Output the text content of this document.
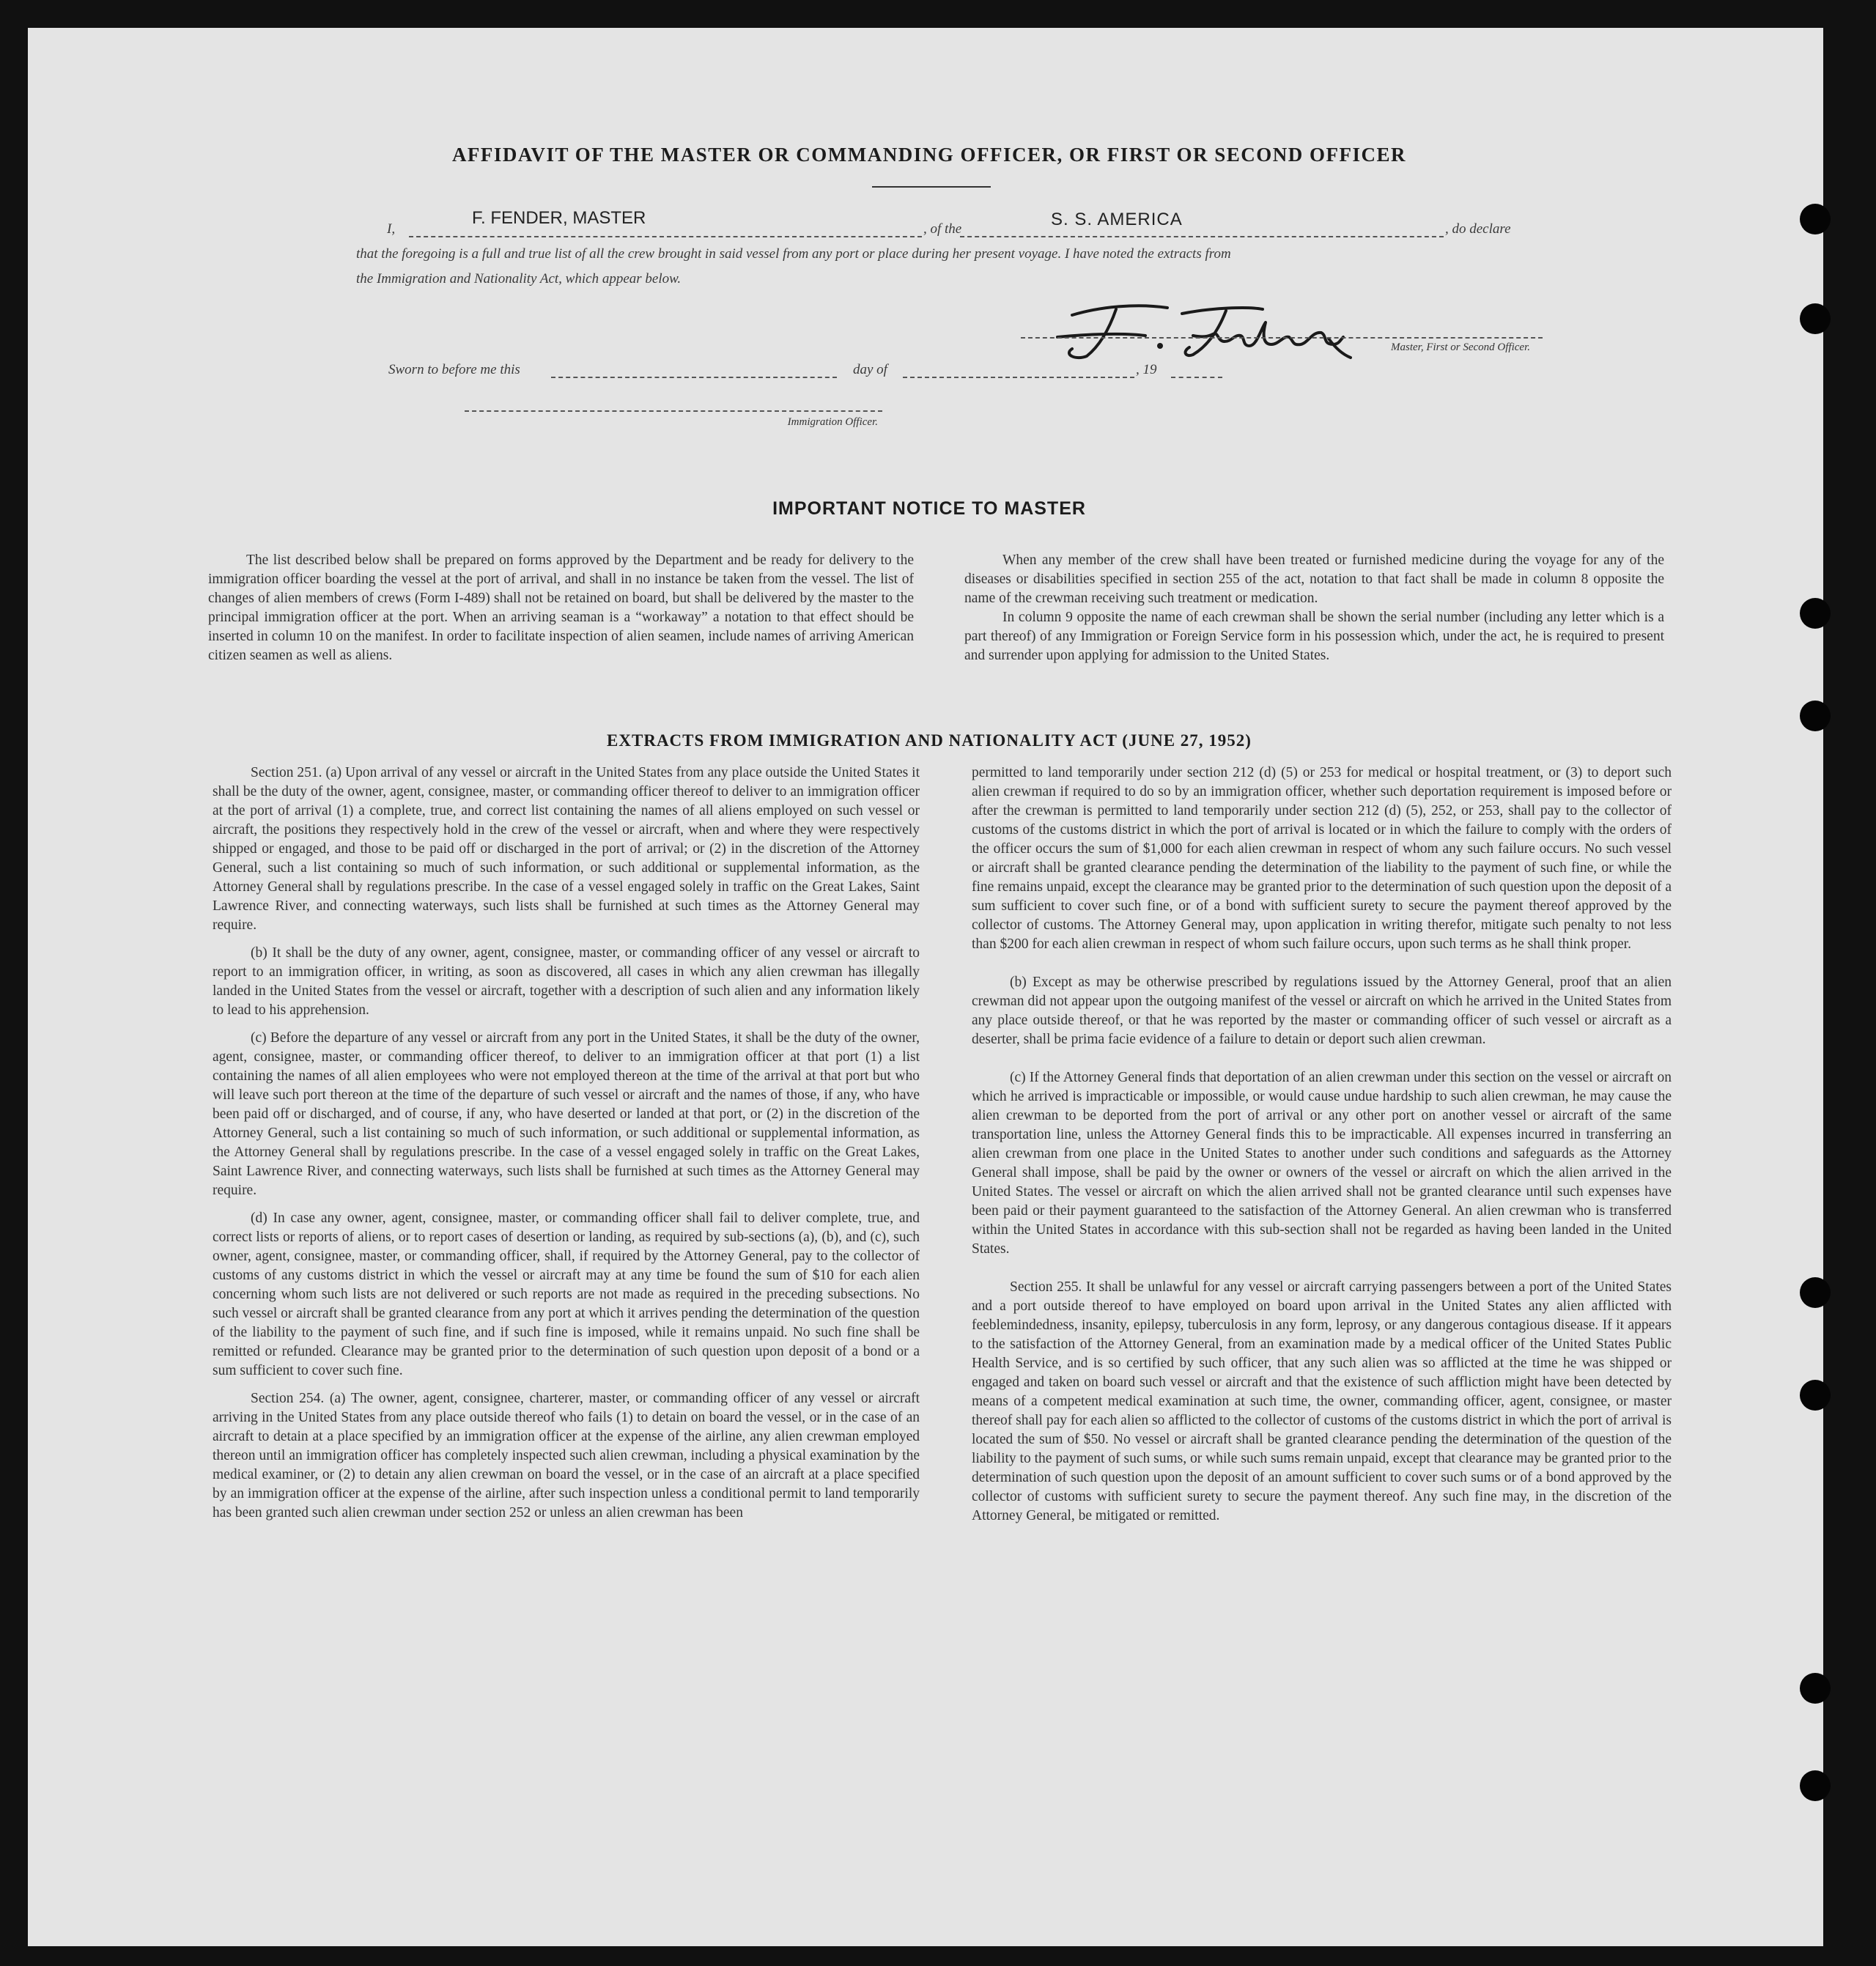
AFFIDAVIT OF THE MASTER OR COMMANDING OFFICER, OR FIRST OR SECOND OFFICER
I,
F. FENDER, MASTER
, of the	S. S. AMERICA	, do declare
that the foregoing is a full and true list of all the crew brought in said vessel from any port or place during her present voyage. I have noted the extracts from
the Immigration and Nationality Act, which appear below.
Master, First or Second Officer.
Sworn to before me this	day of	, 19
Immigration Officer.
IMPORTANT NOTICE TO MASTER

The list described below shall be prepared on forms approved by the Department and be ready for delivery to the immigration officer boarding the vessel at the port of arrival, and shall in no instance be taken from the vessel. The list of changes of alien members of crews (Form I-489) shall not be retained on board, but shall be delivered by the master to the principal immigration officer at the port. When an arriving seaman is a “workaway” a notation to that effect should be inserted in column 10 on the manifest. In order to facilitate inspection of alien seamen, include names of arriving American citizen seamen as well as aliens.

When any member of the crew shall have been treated or furnished medicine during the voyage for any of the diseases or disabilities specified in section 255 of the act, notation to that fact shall be made in column 8 opposite the name of the crewman receiving such treatment or medication.

In column 9 opposite the name of each crewman shall be shown the serial number (including any letter which is a part thereof) of any Immigration or Foreign Service form in his possession which, under the act, he is required to present and surrender upon applying for admission to the United States.

EXTRACTS FROM IMMIGRATION AND NATIONALITY ACT (JUNE 27, 1952)

Section 251. (a) Upon arrival of any vessel or aircraft in the United States from any place outside the United States it shall be the duty of the owner, agent, consignee, master, or commanding officer thereof to deliver to an immigration officer at the port of arrival (1) a complete, true, and correct list containing the names of all aliens employed on such vessel or aircraft, the positions they respectively hold in the crew of the vessel or aircraft, when and where they were respectively shipped or engaged, and those to be paid off or discharged in the port of arrival; or (2) in the discretion of the Attorney General, such a list containing so much of such information, or such additional or supplemental information, as the Attorney General shall by regulations prescribe. In the case of a vessel engaged solely in traffic on the Great Lakes, Saint Lawrence River, and connecting waterways, such lists shall be furnished at such times as the Attorney General may require.

(b) It shall be the duty of any owner, agent, consignee, master, or commanding officer of any vessel or aircraft to report to an immigration officer, in writing, as soon as discovered, all cases in which any alien crewman has illegally landed in the United States from the vessel or aircraft, together with a description of such alien and any information likely to lead to his apprehension.

(c) Before the departure of any vessel or aircraft from any port in the United States, it shall be the duty of the owner, agent, consignee, master, or commanding officer thereof, to deliver to an immigration officer at that port (1) a list containing the names of all alien employees who were not employed thereon at the time of the arrival at that port but who will leave such port thereon at the time of the departure of such vessel or aircraft and the names of those, if any, who have been paid off or discharged, and of course, if any, who have deserted or landed at that port, or (2) in the discretion of the Attorney General, such a list containing so much of such information, or such additional or supplemental information, as the Attorney General shall by regulations prescribe. In the case of a vessel engaged solely in traffic on the Great Lakes, Saint Lawrence River, and connecting waterways, such lists shall be furnished at such times as the Attorney General may require.

(d) In case any owner, agent, consignee, master, or commanding officer shall fail to deliver complete, true, and correct lists or reports of aliens, or to report cases of desertion or landing, as required by sub-sections (a), (b), and (c), such owner, agent, consignee, master, or commanding officer, shall, if required by the Attorney General, pay to the collector of customs of any customs district in which the vessel or aircraft may at any time be found the sum of $10 for each alien concerning whom such lists are not delivered or such reports are not made as required in the preceding subsections. No such vessel or aircraft shall be granted clearance from any port at which it arrives pending the determination of the question of the liability to the payment of such fine, and if such fine is imposed, while it remains unpaid. No such fine shall be remitted or refunded. Clearance may be granted prior to the determination of such question upon deposit of a bond or a sum sufficient to cover such fine.

Section 254. (a) The owner, agent, consignee, charterer, master, or commanding officer of any vessel or aircraft arriving in the United States from any place outside thereof who fails (1) to detain on board the vessel, or in the case of an aircraft to detain at a place specified by an immigration officer at the expense of the airline, any alien crewman employed thereon until an immigration officer has completely inspected such alien crewman, including a physical examination by the medical examiner, or (2) to detain any alien crewman on board the vessel, or in the case of an aircraft at a place specified by an immigration officer at the expense of the airline, after such inspection unless a conditional permit to land temporarily has been granted such alien crewman under section 252 or unless an alien crewman has been

permitted to land temporarily under section 212 (d) (5) or 253 for medical or hospital treatment, or (3) to deport such alien crewman if required to do so by an immigration officer, whether such deportation requirement is imposed before or after the crewman is permitted to land temporarily under section 212 (d) (5), 252, or 253, shall pay to the collector of customs of the customs district in which the port of arrival is located or in which the failure to comply with the orders of the officer occurs the sum of $1,000 for each alien crewman in respect of whom any such failure occurs. No such vessel or aircraft shall be granted clearance pending the determination of the liability to the payment of such fine, or while the fine remains unpaid, except the clearance may be granted prior to the determination of such question upon the deposit of a sum sufficient to cover such fine, or of a bond with sufficient surety to secure the payment thereof approved by the collector of customs. The Attorney General may, upon application in writing therefor, mitigate such penalty to not less than $200 for each alien crewman in respect of whom such failure occurs, upon such terms as he shall think proper.

(b) Except as may be otherwise prescribed by regulations issued by the Attorney General, proof that an alien crewman did not appear upon the outgoing manifest of the vessel or aircraft on which he arrived in the United States from any place outside thereof, or that he was reported by the master or commanding officer of such vessel or aircraft as a deserter, shall be prima facie evidence of a failure to detain or deport such alien crewman.

(c) If the Attorney General finds that deportation of an alien crewman under this section on the vessel or aircraft on which he arrived is impracticable or impossible, or would cause undue hardship to such alien crewman, he may cause the alien crewman to be deported from the port of arrival or any other port on another vessel or aircraft of the same transportation line, unless the Attorney General finds this to be impracticable. All expenses incurred in transferring an alien crewman from one place in the United States to another under such conditions and safeguards as the Attorney General shall impose, shall be paid by the owner or owners of the vessel or aircraft on which the alien arrived in the United States. The vessel or aircraft on which the alien arrived shall not be granted clearance until such expenses have been paid or their payment guaranteed to the satisfaction of the Attorney General. An alien crewman who is transferred within the United States in accordance with this sub-section shall not be regarded as having been landed in the United States.

Section 255. It shall be unlawful for any vessel or aircraft carrying passengers between a port of the United States and a port outside thereof to have employed on board upon arrival in the United States any alien afflicted with feeblemindedness, insanity, epilepsy, tuberculosis in any form, leprosy, or any dangerous contagious disease. If it appears to the satisfaction of the Attorney General, from an examination made by a medical officer of the United States Public Health Service, and is so certified by such officer, that any such alien was so afflicted at the time he was shipped or engaged and taken on board such vessel or aircraft and that the existence of such affliction might have been detected by means of a competent medical examination at such time, the owner, commanding officer, agent, consignee, or master thereof shall pay for each alien so afflicted to the collector of customs of the customs district in which the port of arrival is located the sum of $50. No vessel or aircraft shall be granted clearance pending the determination of the question of the liability to the payment of such sums, or while such sums remain unpaid, except that clearance may be granted prior to the determination of such question upon the deposit of an amount sufficient to cover such sums or of a bond approved by the collector of customs with sufficient surety to secure the payment thereof. Any such fine may, in the discretion of the Attorney General, be mitigated or remitted.
